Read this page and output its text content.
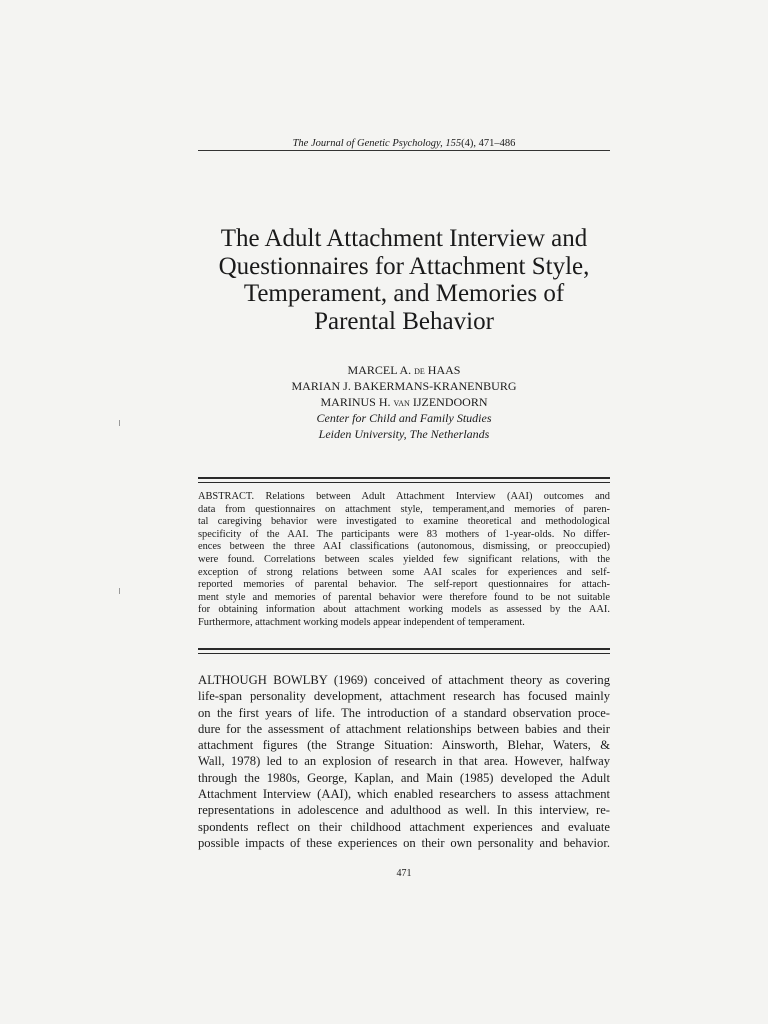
The Journal of Genetic Psychology, 155(4), 471–486
The Adult Attachment Interview and
Questionnaires for Attachment Style,
Temperament, and Memories of
Parental Behavior
MARCEL A. de HAAS
MARIAN J. BAKERMANS-KRANENBURG
MARINUS H. van IJZENDOORN
Center for Child and Family Studies
Leiden University, The Netherlands
ABSTRACT. Relations between Adult Attachment Interview (AAI) outcomes and
data from questionnaires on attachment style, temperament,and memories of paren-
tal caregiving behavior were investigated to examine theoretical and methodological
specificity of the AAI. The participants were 83 mothers of 1-year-olds. No differ-
ences between the three AAI classifications (autonomous, dismissing, or preoccupied)
were found. Correlations between scales yielded few significant relations, with the
exception of strong relations between some AAI scales for experiences and self-
reported memories of parental behavior. The self-report questionnaires for attach-
ment style and memories of parental behavior were therefore found to be not suitable
for obtaining information about attachment working models as assessed by the AAI.
Furthermore, attachment working models appear independent of temperament.
ALTHOUGH BOWLBY (1969) conceived of attachment theory as covering
life-span personality development, attachment research has focused mainly
on the first years of life. The introduction of a standard observation proce-
dure for the assessment of attachment relationships between babies and their
attachment figures (the Strange Situation: Ainsworth, Blehar, Waters, &
Wall, 1978) led to an explosion of research in that area. However, halfway
through the 1980s, George, Kaplan, and Main (1985) developed the Adult
Attachment Interview (AAI), which enabled researchers to assess attachment
representations in adolescence and adulthood as well. In this interview, re-
spondents reflect on their childhood attachment experiences and evaluate
possible impacts of these experiences on their own personality and behavior.
471
